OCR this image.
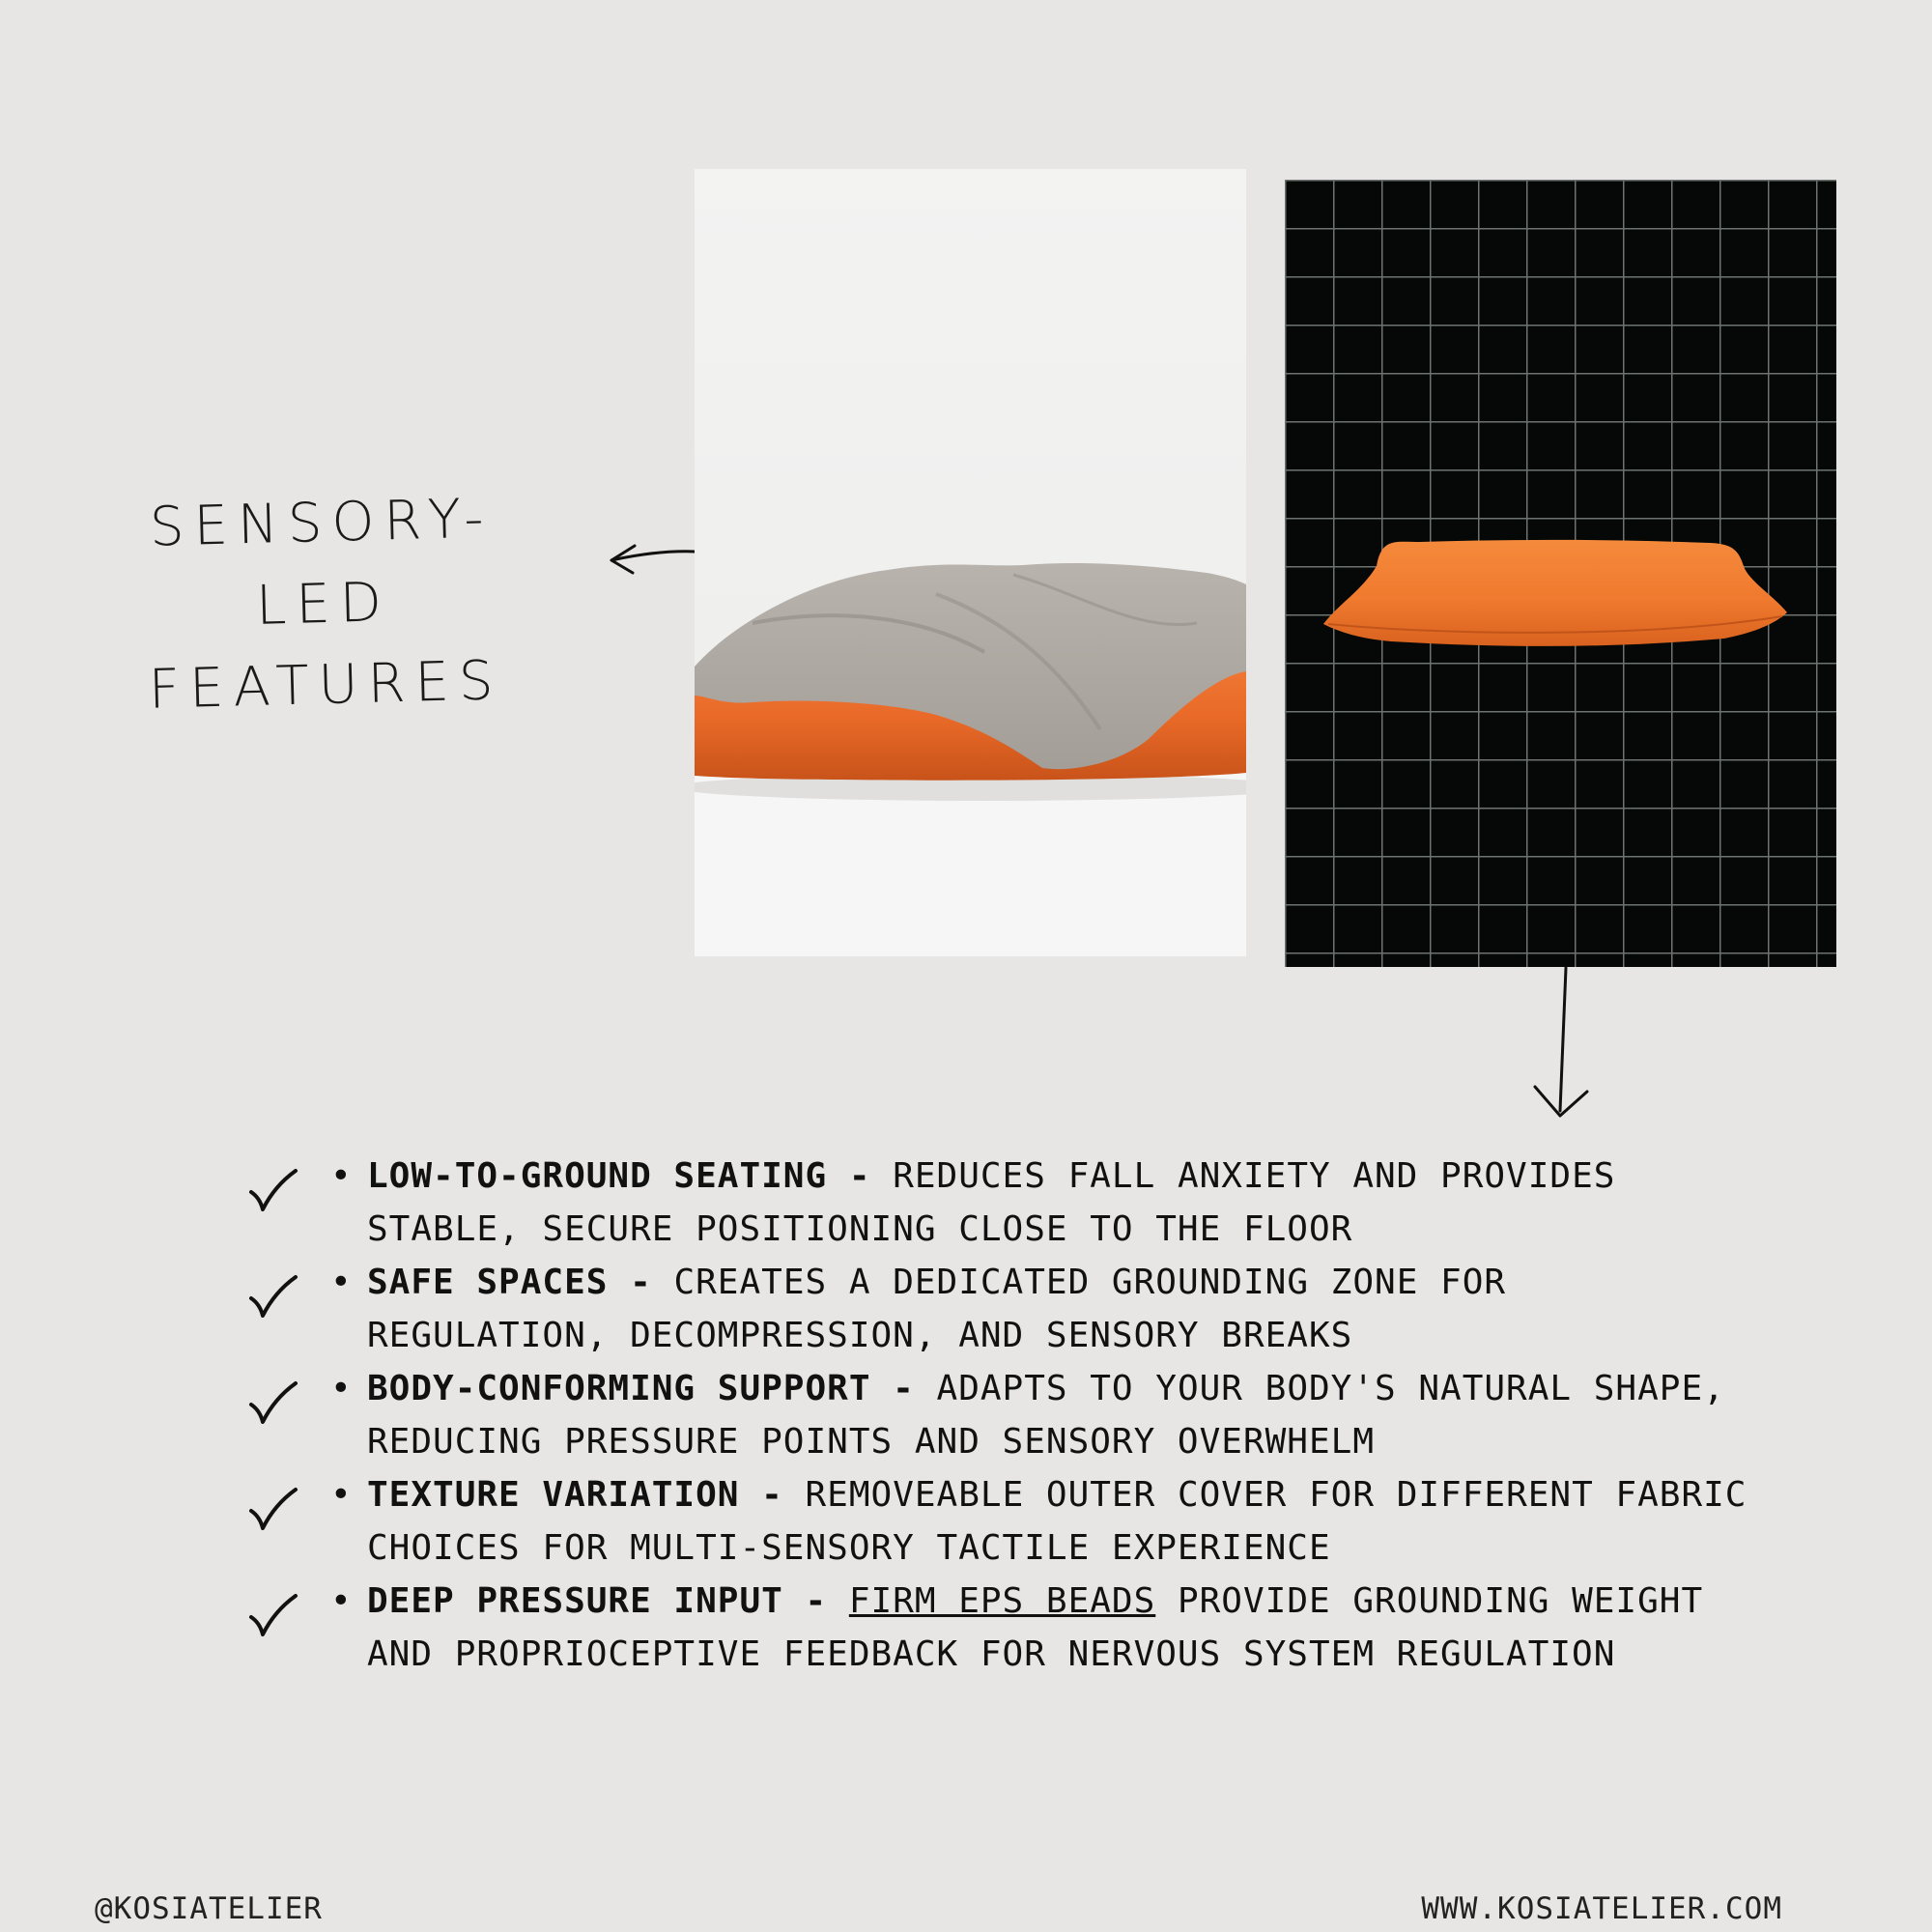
SENSORY-LED
FEATURES
• LOW-TO-GROUND SEATING - REDUCES FALL ANXIETY AND PROVIDES STABLE, SECURE POSITIONING CLOSE TO THE FLOOR
• SAFE SPACES - CREATES A DEDICATED GROUNDING ZONE FOR REGULATION, DECOMPRESSION, AND SENSORY BREAKS
• BODY-CONFORMING SUPPORT - ADAPTS TO YOUR BODY'S NATURAL SHAPE, REDUCING PRESSURE POINTS AND SENSORY OVERWHELM
• TEXTURE VARIATION - REMOVEABLE OUTER COVER FOR DIFFERENT FABRIC CHOICES FOR MULTI-SENSORY TACTILE EXPERIENCE
• DEEP PRESSURE INPUT - FIRM EPS BEADS PROVIDE GROUNDING WEIGHT AND PROPRIOCEPTIVE FEEDBACK FOR NERVOUS SYSTEM REGULATION
@KOSIATELIER	WWW.KOSIATELIER.COM
